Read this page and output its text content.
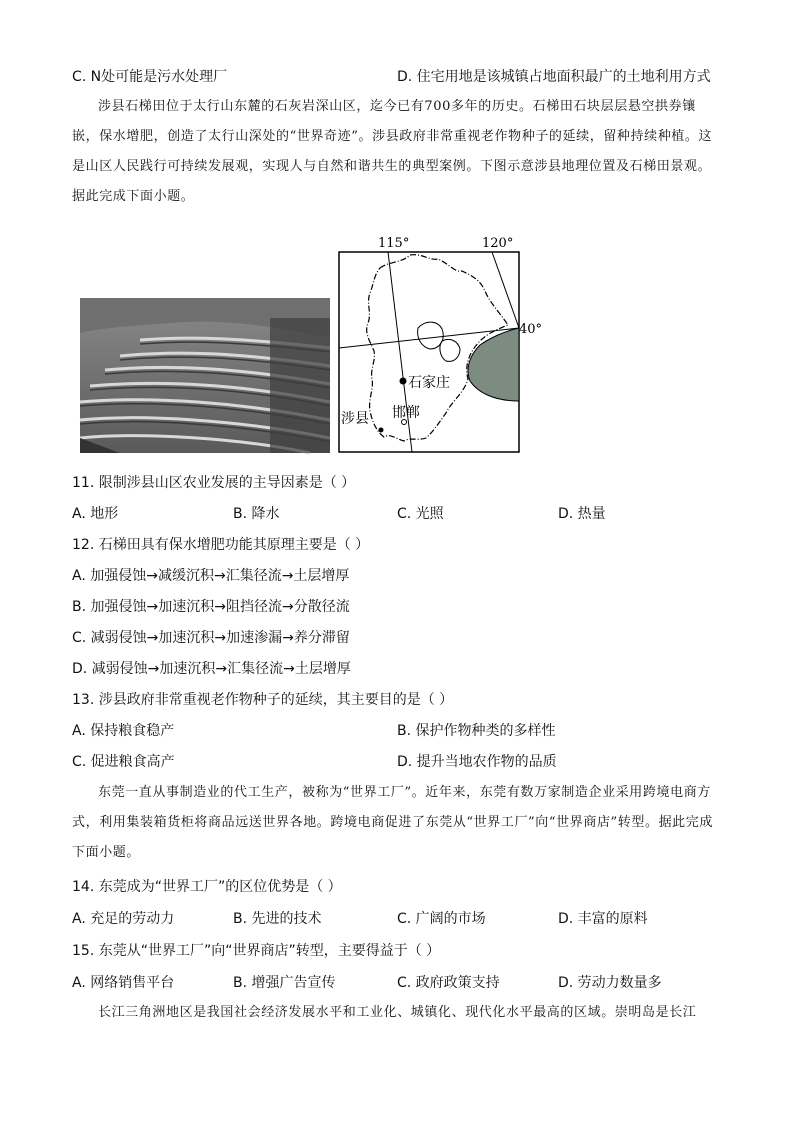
C. N处可能是污水处理厂	D. 住宅用地是该城镇占地面积最广的土地利用方式
涉县石梯田位于太行山东麓的石灰岩深山区，迄今已有700多年的历史。石梯田石块层层悬空拱券镶嵌，保水增肥，创造了太行山深处的“世界奇迹”。涉县政府非常重视老作物种子的延续，留种持续种植。这是山区人民践行可持续发展观，实现人与自然和谐共生的典型案例。下图示意涉县地理位置及石梯田景观。据此完成下面小题。
115°	120°
40°
石家庄
邯郸
涉县
11. 限制涉县山区农业发展的主导因素是（ ）
A. 地形	B. 降水	C. 光照	D. 热量
12. 石梯田具有保水增肥功能其原理主要是（ ）
A. 加强侵蚀→减缓沉积→汇集径流→土层增厚
B. 加强侵蚀→加速沉积→阻挡径流→分散径流
C. 减弱侵蚀→加速沉积→加速渗漏→养分滞留
D. 减弱侵蚀→加速沉积→汇集径流→土层增厚
13. 涉县政府非常重视老作物种子的延续，其主要目的是（ ）
A. 保持粮食稳产	B. 保护作物种类的多样性
C. 促进粮食高产	D. 提升当地农作物的品质
东莞一直从事制造业的代工生产，被称为“世界工厂”。近年来，东莞有数万家制造企业采用跨境电商方式，利用集装箱货柜将商品远送世界各地。跨境电商促进了东莞从“世界工厂”向“世界商店”转型。据此完成下面小题。
14. 东莞成为“世界工厂”的区位优势是（ ）
A. 充足的劳动力	B. 先进的技术	C. 广阔的市场	D. 丰富的原料
15. 东莞从“世界工厂”向“世界商店”转型，主要得益于（ ）
A. 网络销售平台	B. 增强广告宣传	C. 政府政策支持	D. 劳动力数量多
长江三角洲地区是我国社会经济发展水平和工业化、城镇化、现代化水平最高的区域。崇明岛是长江
